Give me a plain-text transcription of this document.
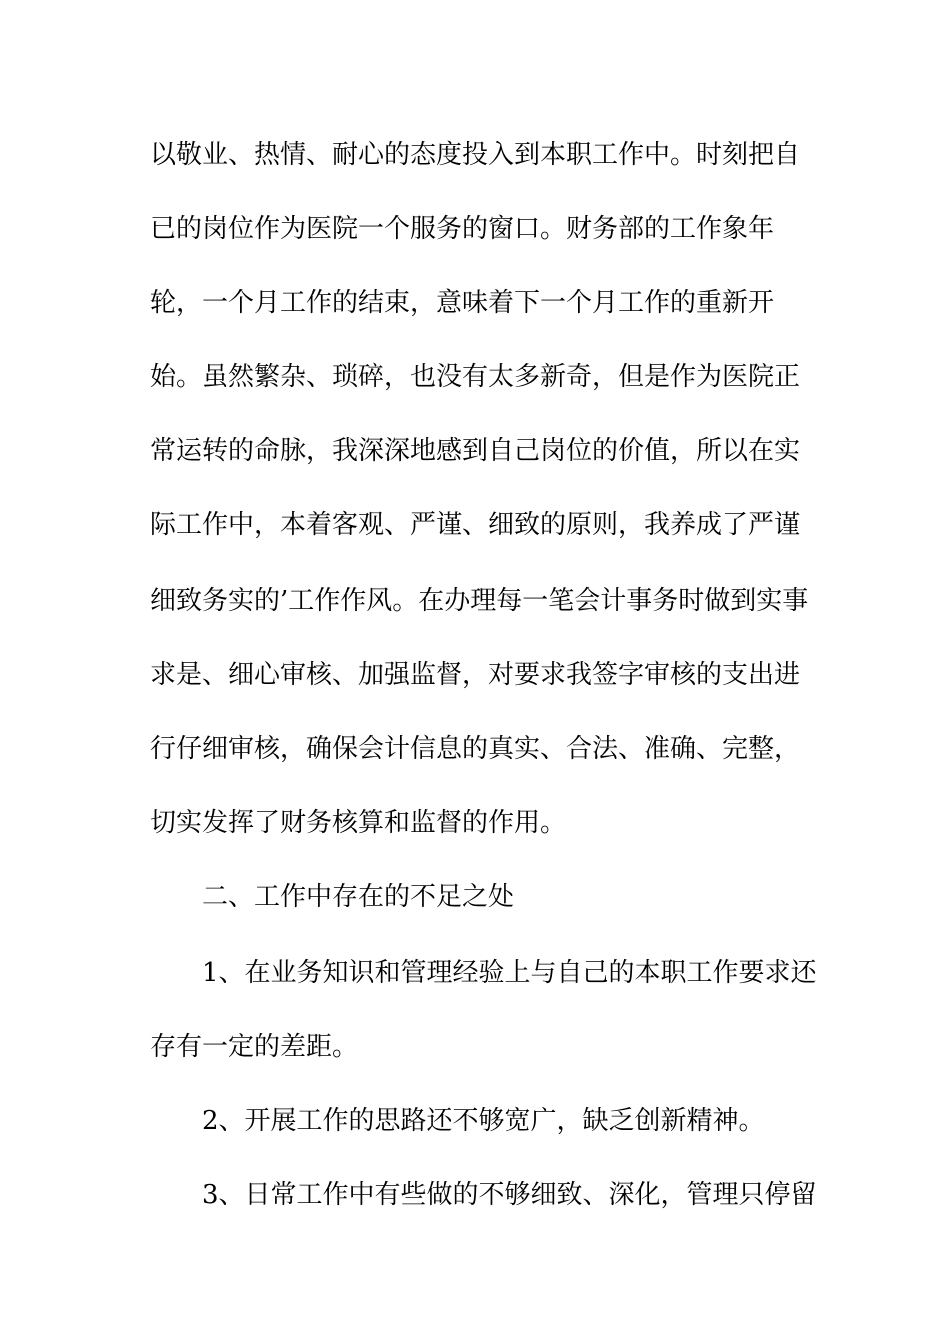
以敬业、热情、耐心的态度投入到本职工作中。时刻把自
已的岗位作为医院一个服务的窗口。财务部的工作象年
轮，一个月工作的结束，意味着下一个月工作的重新开
始。虽然繁杂、琐碎，也没有太多新奇，但是作为医院正
常运转的命脉，我深深地感到自己岗位的价值，所以在实
际工作中，本着客观、严谨、细致的原则，我养成了严谨
细致务实的’工作作风。在办理每一笔会计事务时做到实事
求是、细心审核、加强监督，对要求我签字审核的支出进
行仔细审核，确保会计信息的真实、合法、准确、完整，
切实发挥了财务核算和监督的作用。
二、工作中存在的不足之处
1、在业务知识和管理经验上与自己的本职工作要求还
存有一定的差距。
2、开展工作的思路还不够宽广，缺乏创新精神。
3、日常工作中有些做的不够细致、深化，管理只停留
